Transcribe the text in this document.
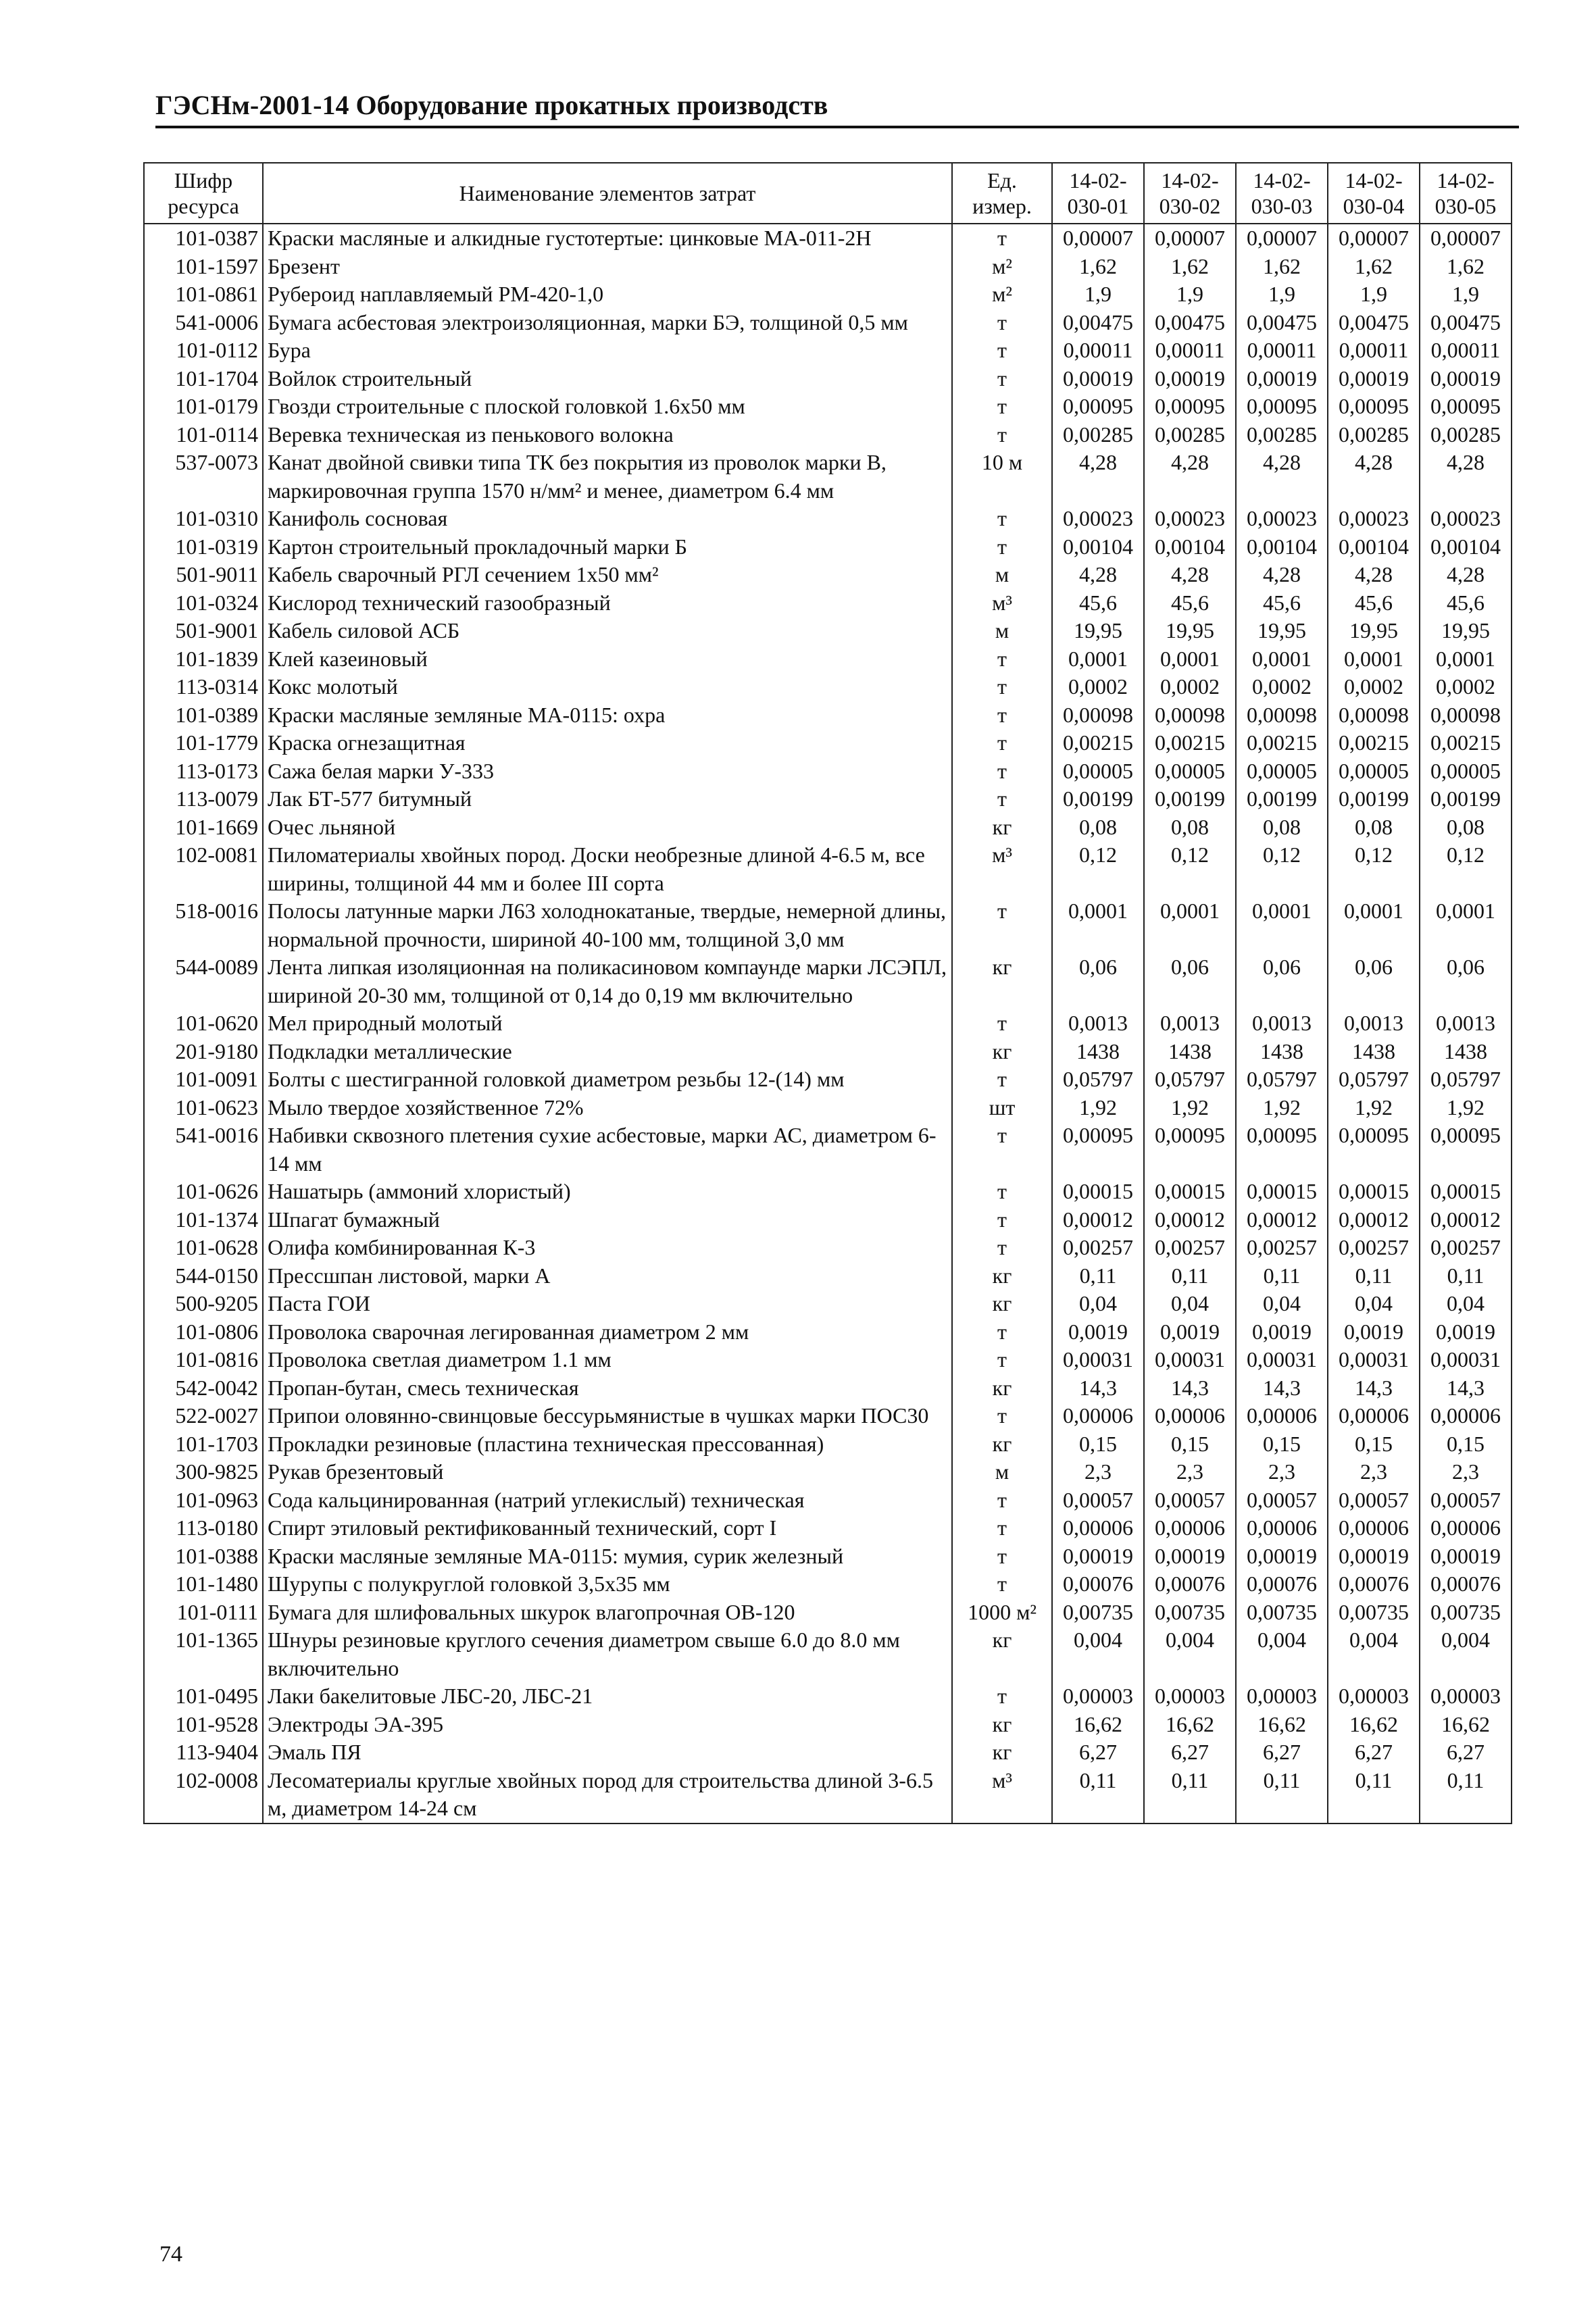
ГЭСНм-2001-14 Оборудование прокатных производств
Шифр ресурса	Наименование элементов затрат	Ед. измер.	14-02-030-01	14-02-030-02	14-02-030-03	14-02-030-04	14-02-030-05
101-0387	Краски масляные и алкидные густотертые: цинковые МА-011-2Н	т	0,00007	0,00007	0,00007	0,00007	0,00007
101-1597	Брезент	м²	1,62	1,62	1,62	1,62	1,62
101-0861	Рубероид наплавляемый РМ-420-1,0	м²	1,9	1,9	1,9	1,9	1,9
541-0006	Бумага асбестовая электроизоляционная, марки БЭ, толщиной 0,5 мм	т	0,00475	0,00475	0,00475	0,00475	0,00475
101-0112	Бура	т	0,00011	0,00011	0,00011	0,00011	0,00011
101-1704	Войлок строительный	т	0,00019	0,00019	0,00019	0,00019	0,00019
101-0179	Гвозди строительные с плоской головкой 1.6х50 мм	т	0,00095	0,00095	0,00095	0,00095	0,00095
101-0114	Веревка техническая из пенькового волокна	т	0,00285	0,00285	0,00285	0,00285	0,00285
537-0073	Канат двойной свивки типа ТК без покрытия из проволок марки В, маркировочная группа 1570 н/мм² и менее, диаметром 6.4 мм	10 м	4,28	4,28	4,28	4,28	4,28
101-0310	Канифоль сосновая	т	0,00023	0,00023	0,00023	0,00023	0,00023
101-0319	Картон строительный прокладочный марки Б	т	0,00104	0,00104	0,00104	0,00104	0,00104
501-9011	Кабель сварочный РГЛ сечением 1х50 мм²	м	4,28	4,28	4,28	4,28	4,28
101-0324	Кислород технический газообразный	м³	45,6	45,6	45,6	45,6	45,6
501-9001	Кабель силовой АСБ	м	19,95	19,95	19,95	19,95	19,95
101-1839	Клей казеиновый	т	0,0001	0,0001	0,0001	0,0001	0,0001
113-0314	Кокс молотый	т	0,0002	0,0002	0,0002	0,0002	0,0002
101-0389	Краски масляные земляные МА-0115: охра	т	0,00098	0,00098	0,00098	0,00098	0,00098
101-1779	Краска огнезащитная	т	0,00215	0,00215	0,00215	0,00215	0,00215
113-0173	Сажа белая марки У-333	т	0,00005	0,00005	0,00005	0,00005	0,00005
113-0079	Лак БТ-577 битумный	т	0,00199	0,00199	0,00199	0,00199	0,00199
101-1669	Очес льняной	кг	0,08	0,08	0,08	0,08	0,08
102-0081	Пиломатериалы хвойных пород. Доски необрезные длиной 4-6.5 м, все ширины, толщиной 44 мм и более III сорта	м³	0,12	0,12	0,12	0,12	0,12
518-0016	Полосы латунные марки Л63 холоднокатаные, твердые, немерной длины, нормальной прочности, шириной 40-100 мм, толщиной 3,0 мм	т	0,0001	0,0001	0,0001	0,0001	0,0001
544-0089	Лента липкая изоляционная на поликасиновом компаунде марки ЛСЭПЛ, шириной 20-30 мм, толщиной от 0,14 до 0,19 мм включительно	кг	0,06	0,06	0,06	0,06	0,06
101-0620	Мел природный молотый	т	0,0013	0,0013	0,0013	0,0013	0,0013
201-9180	Подкладки металлические	кг	1438	1438	1438	1438	1438
101-0091	Болты с шестигранной головкой диаметром резьбы 12-(14) мм	т	0,05797	0,05797	0,05797	0,05797	0,05797
101-0623	Мыло твердое хозяйственное 72%	шт	1,92	1,92	1,92	1,92	1,92
541-0016	Набивки сквозного плетения сухие асбестовые, марки АС, диаметром 6-14 мм	т	0,00095	0,00095	0,00095	0,00095	0,00095
101-0626	Нашатырь (аммоний хлористый)	т	0,00015	0,00015	0,00015	0,00015	0,00015
101-1374	Шпагат бумажный	т	0,00012	0,00012	0,00012	0,00012	0,00012
101-0628	Олифа комбинированная К-3	т	0,00257	0,00257	0,00257	0,00257	0,00257
544-0150	Прессшпан листовой, марки А	кг	0,11	0,11	0,11	0,11	0,11
500-9205	Паста ГОИ	кг	0,04	0,04	0,04	0,04	0,04
101-0806	Проволока сварочная легированная диаметром 2 мм	т	0,0019	0,0019	0,0019	0,0019	0,0019
101-0816	Проволока светлая диаметром 1.1 мм	т	0,00031	0,00031	0,00031	0,00031	0,00031
542-0042	Пропан-бутан, смесь техническая	кг	14,3	14,3	14,3	14,3	14,3
522-0027	Припои оловянно-свинцовые бессурьмянистые в чушках марки ПОС30	т	0,00006	0,00006	0,00006	0,00006	0,00006
101-1703	Прокладки резиновые (пластина техническая прессованная)	кг	0,15	0,15	0,15	0,15	0,15
300-9825	Рукав брезентовый	м	2,3	2,3	2,3	2,3	2,3
101-0963	Сода кальцинированная (натрий углекислый) техническая	т	0,00057	0,00057	0,00057	0,00057	0,00057
113-0180	Спирт этиловый ректификованный технический, сорт I	т	0,00006	0,00006	0,00006	0,00006	0,00006
101-0388	Краски масляные земляные МА-0115: мумия, сурик железный	т	0,00019	0,00019	0,00019	0,00019	0,00019
101-1480	Шурупы с полукруглой головкой 3,5х35 мм	т	0,00076	0,00076	0,00076	0,00076	0,00076
101-0111	Бумага для шлифовальных шкурок влагопрочная ОВ-120	1000 м²	0,00735	0,00735	0,00735	0,00735	0,00735
101-1365	Шнуры резиновые круглого сечения диаметром свыше 6.0 до 8.0 мм включительно	кг	0,004	0,004	0,004	0,004	0,004
101-0495	Лаки бакелитовые ЛБС-20, ЛБС-21	т	0,00003	0,00003	0,00003	0,00003	0,00003
101-9528	Электроды ЭА-395	кг	16,62	16,62	16,62	16,62	16,62
113-9404	Эмаль ПЯ	кг	6,27	6,27	6,27	6,27	6,27
102-0008	Лесоматериалы круглые хвойных пород для строительства длиной 3-6.5 м, диаметром 14-24 см	м³	0,11	0,11	0,11	0,11	0,11
74
